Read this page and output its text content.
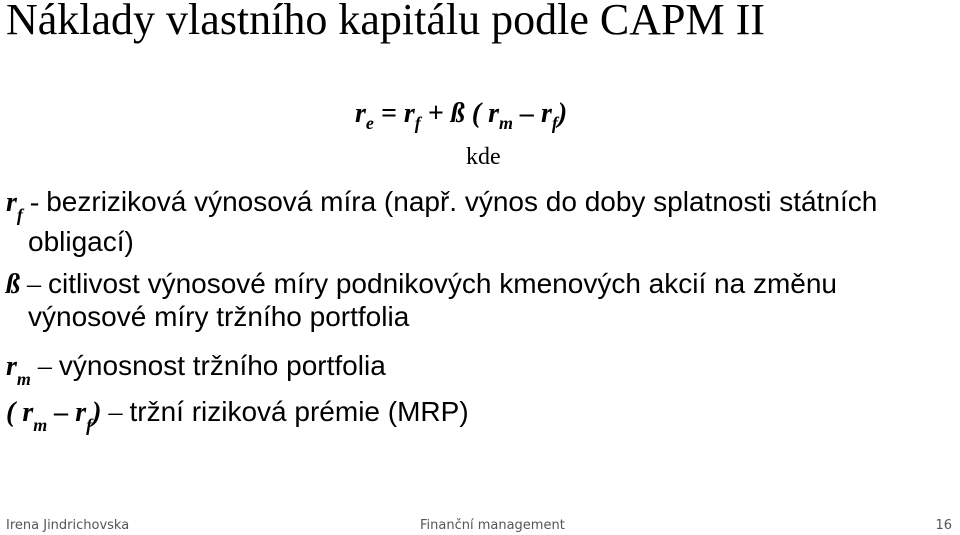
Náklady vlastního kapitálu podle CAPM II
$r_e = r_f$ + ß ( $r_m - r_f$)
kde
$r_f$ - bezriziková výnosová míra (např. výnos do doby splatnosti státních
obligací)
ß – citlivost výnosové míry podnikových kmenových akcií na změnu
výnosové míry tržního portfolia
$r_m$ – výnosnost tržního portfolia
( $r_m - r_f$) – tržní riziková prémie (MRP)
Irena Jindrichovska	Finanční management	16
